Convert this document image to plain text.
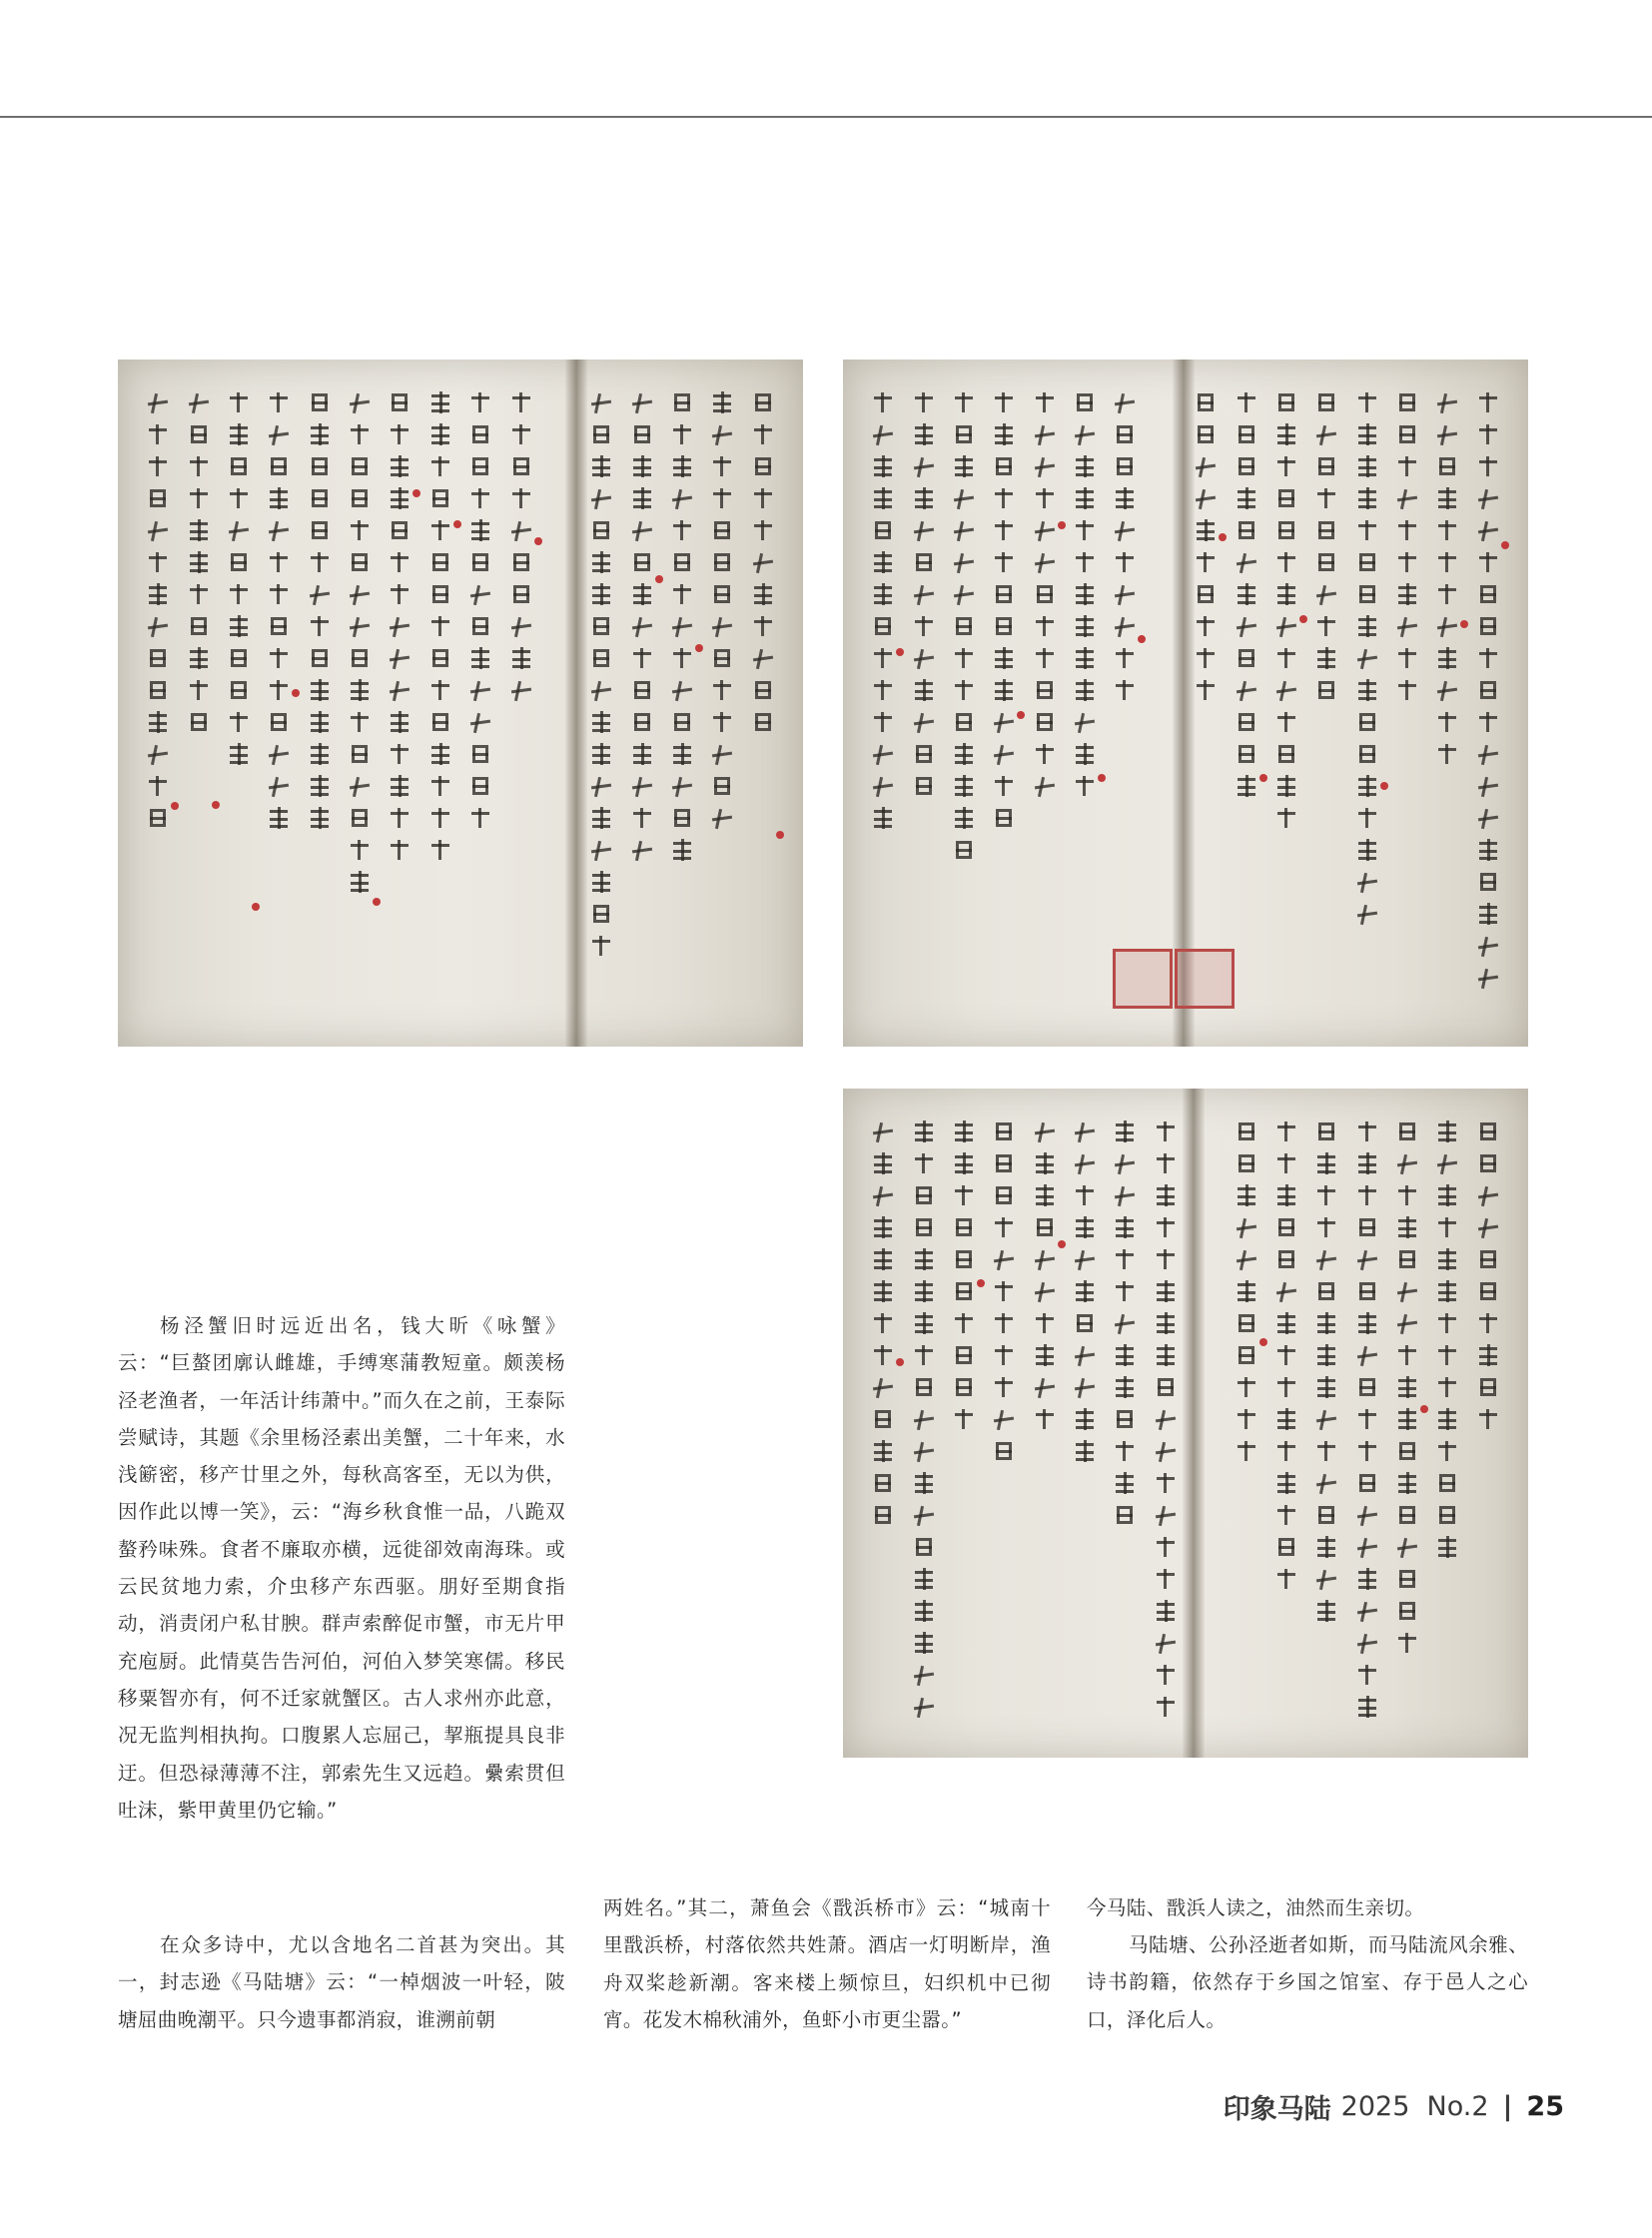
杨泾蟹旧时远近出名，钱大昕《咏蟹》云：“巨螯团廓认雌雄，手缚寒蒲教短童。颇羡杨泾老渔者，一年活计纬萧中。”而久在之前，王泰际尝赋诗，其题《余里杨泾素出美蟹，二十年来，水浅簖密，移产廿里之外，每秋高客至，无以为供，因作此以博一笑》，云：“海乡秋食惟一品，八跪双螯矜味殊。食者不廉取亦横，远徙卻效南海珠。或云民贫地力索，介虫移产东西驱。朋好至期食指动，消责闭户私甘腴。群声索醉促市蟹，市无片甲充庖厨。此情莫告告河伯，河伯入梦笑寒儒。移民移粟智亦有，何不迁家就蟹区。古人求州亦此意，况无监判相执拘。口腹累人忘屈己，挈瓶提具良非迂。但恐禄薄薄不注，郭索先生又远趋。纍索贯但吐沫，紫甲黄里仍它输。”

在众多诗中，尤以含地名二首甚为突出。其一，封志逊《马陆塘》云：“一棹烟波一叶轻，陂塘屈曲晚潮平。只今遗事都消寂，谁溯前朝

两姓名。”其二，萧鱼会《戬浜桥市》云：“城南十里戬浜桥，村落依然共姓萧。酒店一灯明断岸，渔舟双桨趁新潮。客来楼上频惊旦，妇织机中已彻宵。花发木棉秋浦外，鱼虾小市更尘嚣。”

今马陆、戬浜人读之，油然而生亲切。

马陆塘、公孙泾逝者如斯，而马陆流风余雅、诗书韵籍，依然存于乡国之馆室、存于邑人之心口，泽化后人。

印象马陆 2025  No.2 | 25
